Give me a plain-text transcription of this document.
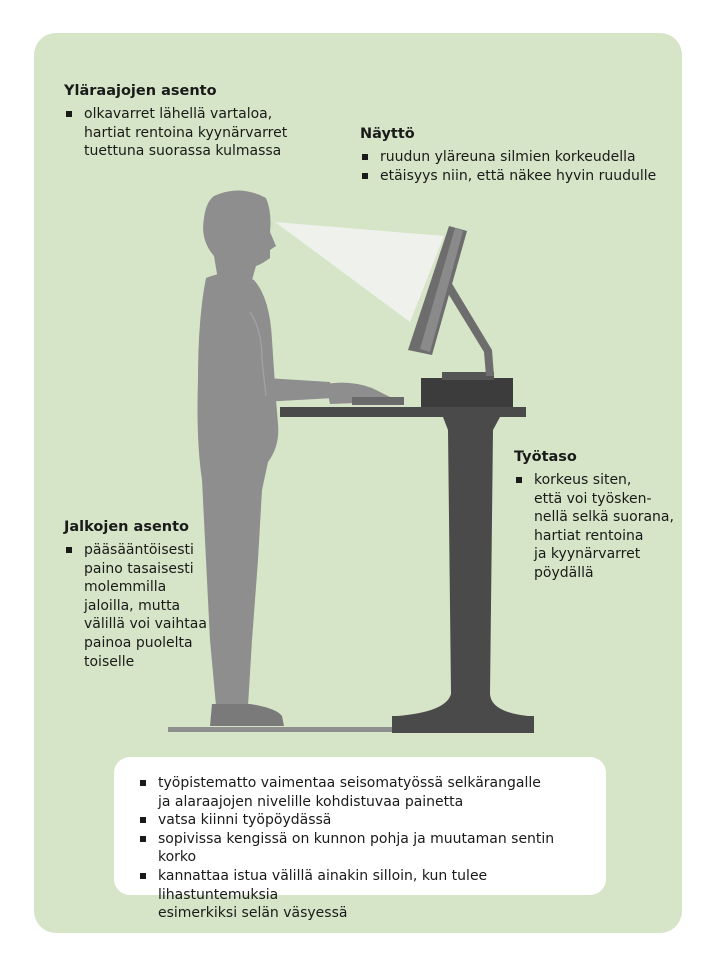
Yläraajojen asento
olkavarret lähellä vartaloa,
hartiat rentoina kyynärvarret
tuettuna suorassa kulmassa
Näyttö
ruudun yläreuna silmien korkeudella
etäisyys niin, että näkee hyvin ruudulle
Työtaso
korkeus siten,
että voi työsken-
nellä selkä suorana,
hartiat rentoina
ja kyynärvarret
pöydällä
Jalkojen asento
pääsääntöisesti
paino tasaisesti
molemmilla
jaloilla, mutta
välillä voi vaihtaa
painoa puolelta
toiselle
työpistematto vaimentaa seisomatyössä selkärangalle
ja alaraajojen nivelille kohdistuvaa painetta
vatsa kiinni työpöydässä
sopivissa kengissä on kunnon pohja ja muutaman sentin korko
kannattaa istua välillä ainakin silloin, kun tulee lihastuntemuksia
esimerkiksi selän väsyessä
